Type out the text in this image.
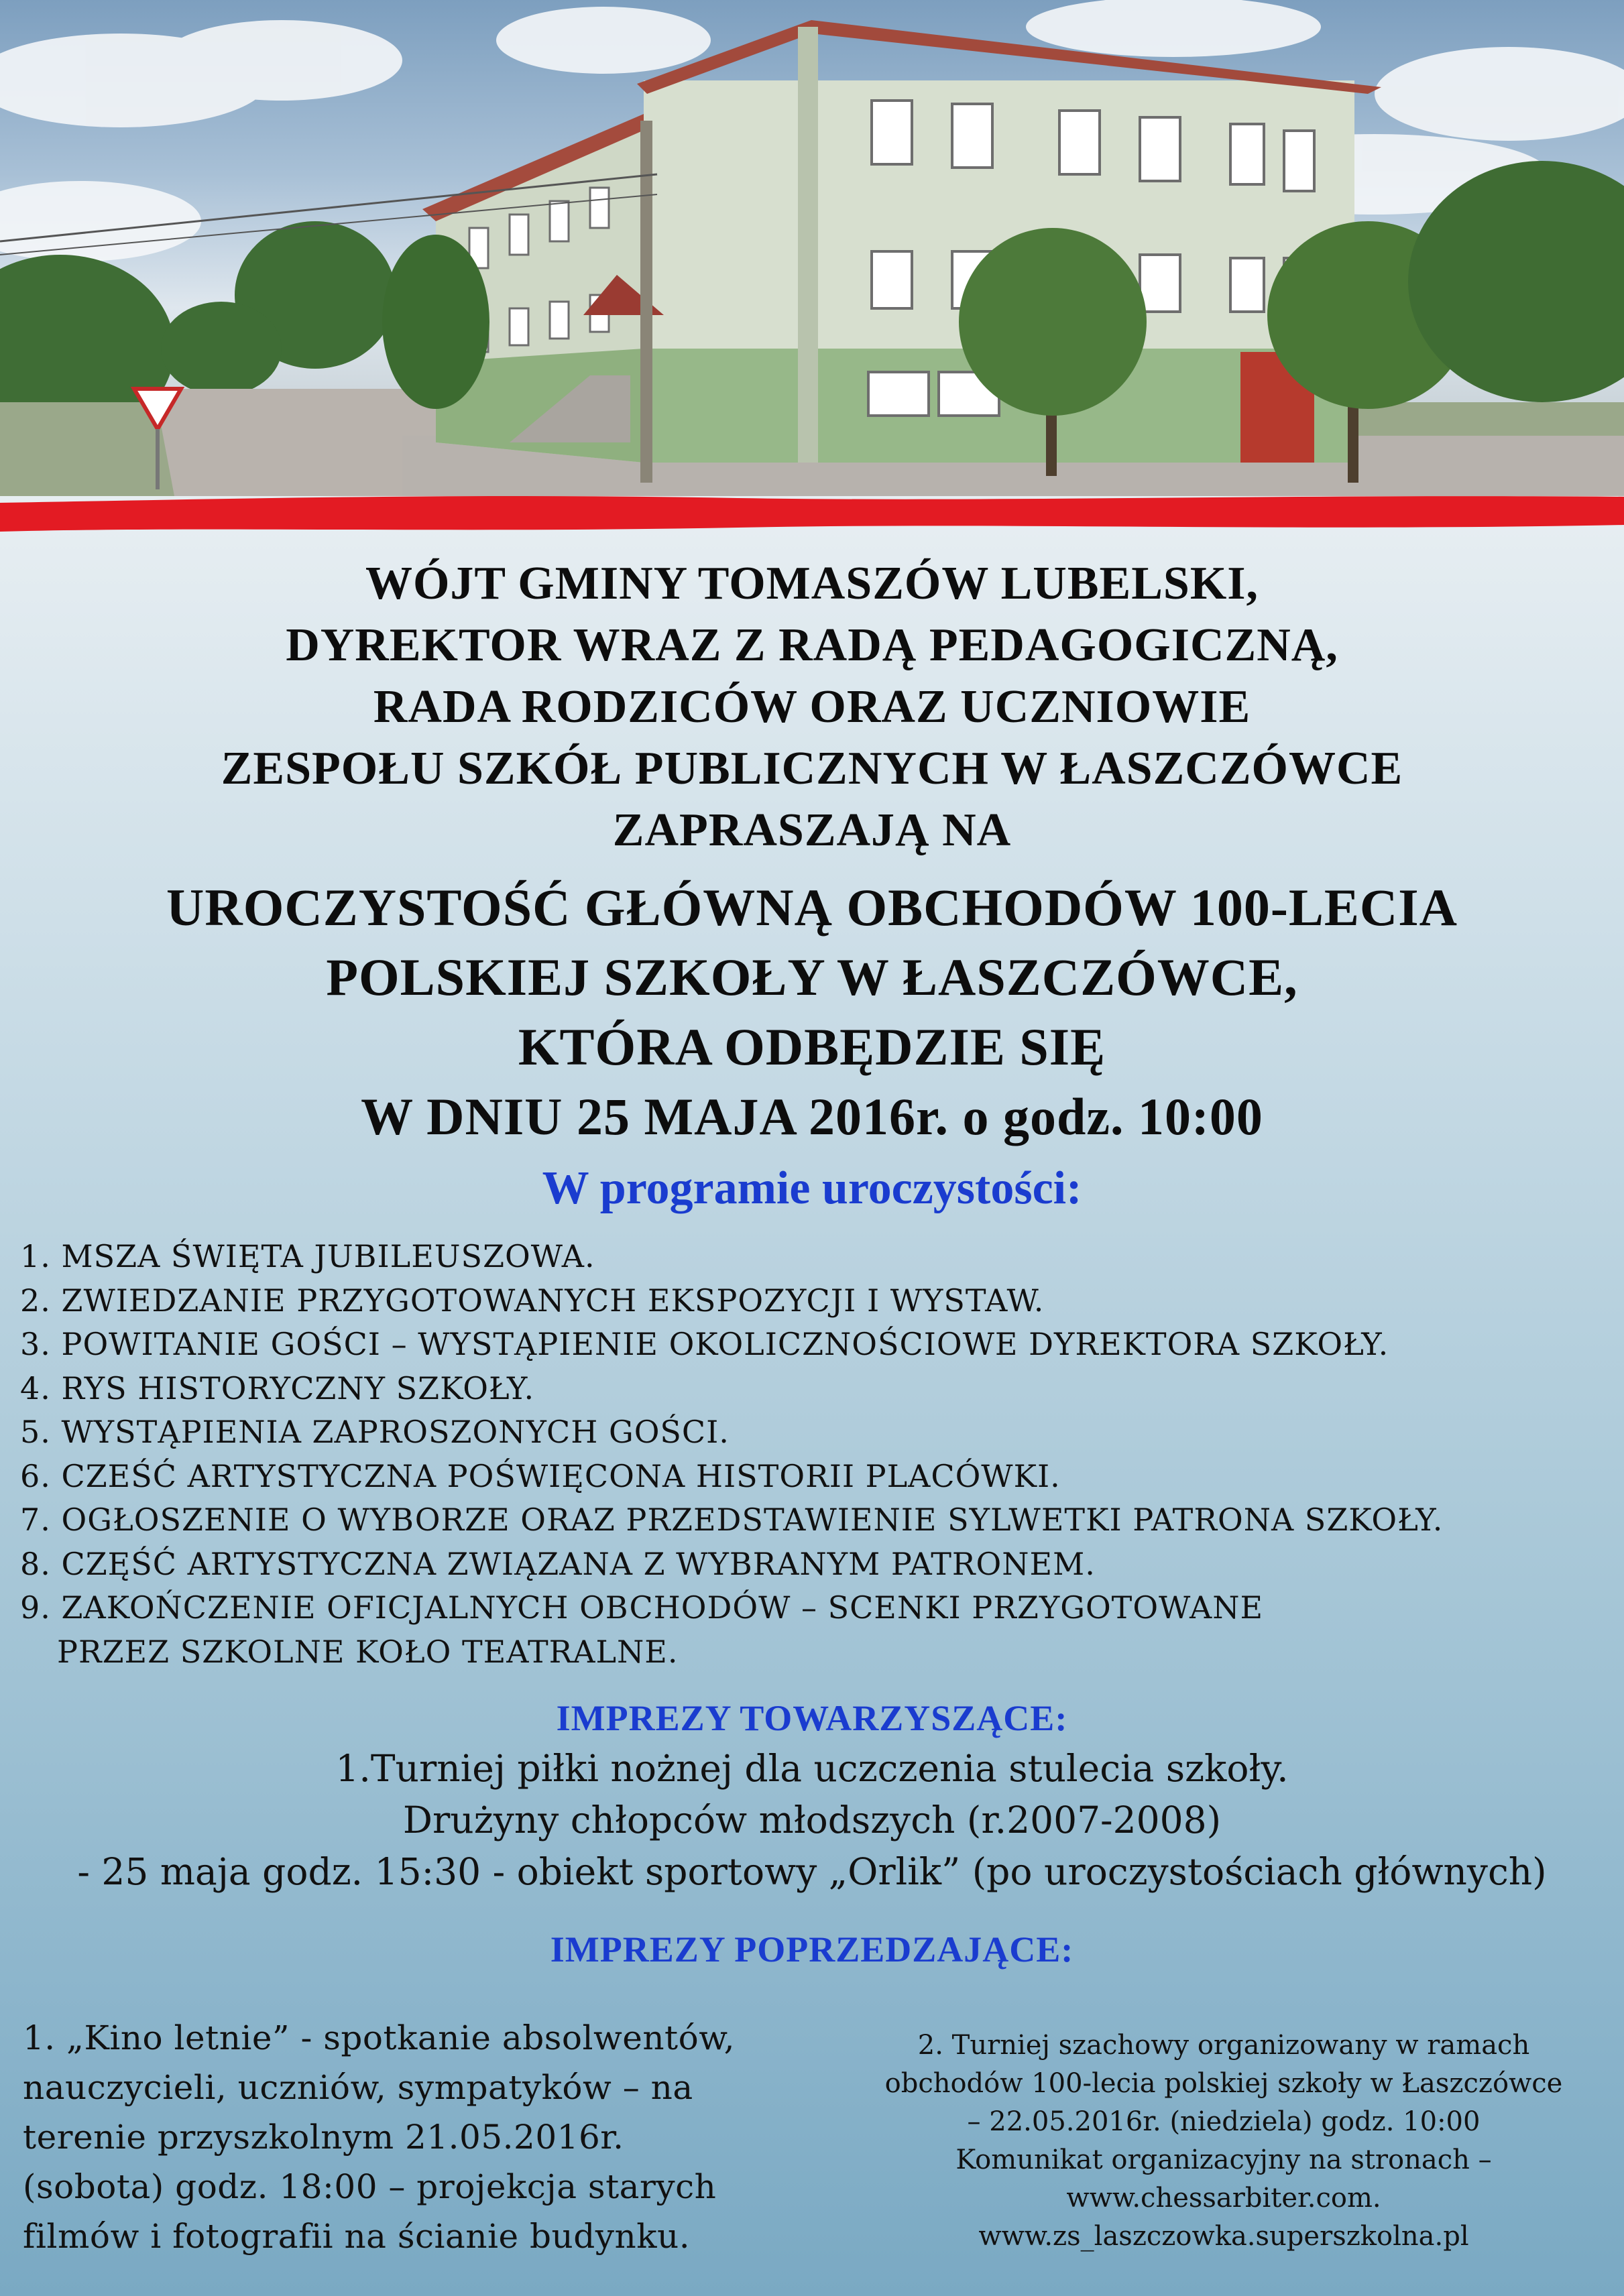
WÓJT GMINY TOMASZÓW LUBELSKI,
DYREKTOR WRAZ Z RADĄ PEDAGOGICZNĄ,
RADA RODZICÓW ORAZ UCZNIOWIE
ZESPOŁU SZKÓŁ PUBLICZNYCH W ŁASZCZÓWCE
ZAPRASZAJĄ NA
UROCZYSTOŚĆ GŁÓWNĄ OBCHODÓW 100-LECIA
POLSKIEJ SZKOŁY W ŁASZCZÓWCE,
KTÓRA ODBĘDZIE SIĘ
W DNIU 25 MAJA 2016r. o godz. 10:00
W programie uroczystości:
1. MSZA ŚWIĘTA JUBILEUSZOWA.
2. ZWIEDZANIE PRZYGOTOWANYCH EKSPOZYCJI I WYSTAW.
3. POWITANIE GOŚCI – WYSTĄPIENIE OKOLICZNOŚCIOWE DYREKTORA SZKOŁY.
4. RYS HISTORYCZNY SZKOŁY.
5. WYSTĄPIENIA ZAPROSZONYCH GOŚCI.
6. CZEŚĆ ARTYSTYCZNA POŚWIĘCONA HISTORII PLACÓWKI.
7. OGŁOSZENIE O WYBORZE ORAZ PRZEDSTAWIENIE SYLWETKI PATRONA SZKOŁY.
8. CZĘŚĆ ARTYSTYCZNA ZWIĄZANA Z WYBRANYM PATRONEM.
9. ZAKOŃCZENIE OFICJALNYCH OBCHODÓW – SCENKI PRZYGOTOWANE
PRZEZ SZKOLNE KOŁO TEATRALNE.
IMPREZY TOWARZYSZĄCE:
1.Turniej piłki nożnej dla uczczenia stulecia szkoły.
Drużyny chłopców młodszych (r.2007-2008)
- 25 maja godz. 15:30 - obiekt sportowy „Orlik” (po uroczystościach głównych)
IMPREZY POPRZEDZAJĄCE:
1. „Kino letnie” - spotkanie absolwentów,
nauczycieli, uczniów, sympatyków – na
terenie przyszkolnym 21.05.2016r.
(sobota) godz. 18:00 – projekcja starych
filmów i fotografii na ścianie budynku.
2. Turniej szachowy organizowany w ramach
obchodów 100-lecia polskiej szkoły w Łaszczówce
– 22.05.2016r. (niedziela) godz. 10:00
Komunikat organizacyjny na stronach –
www.chessarbiter.com.
www.zs_laszczowka.superszkolna.pl
